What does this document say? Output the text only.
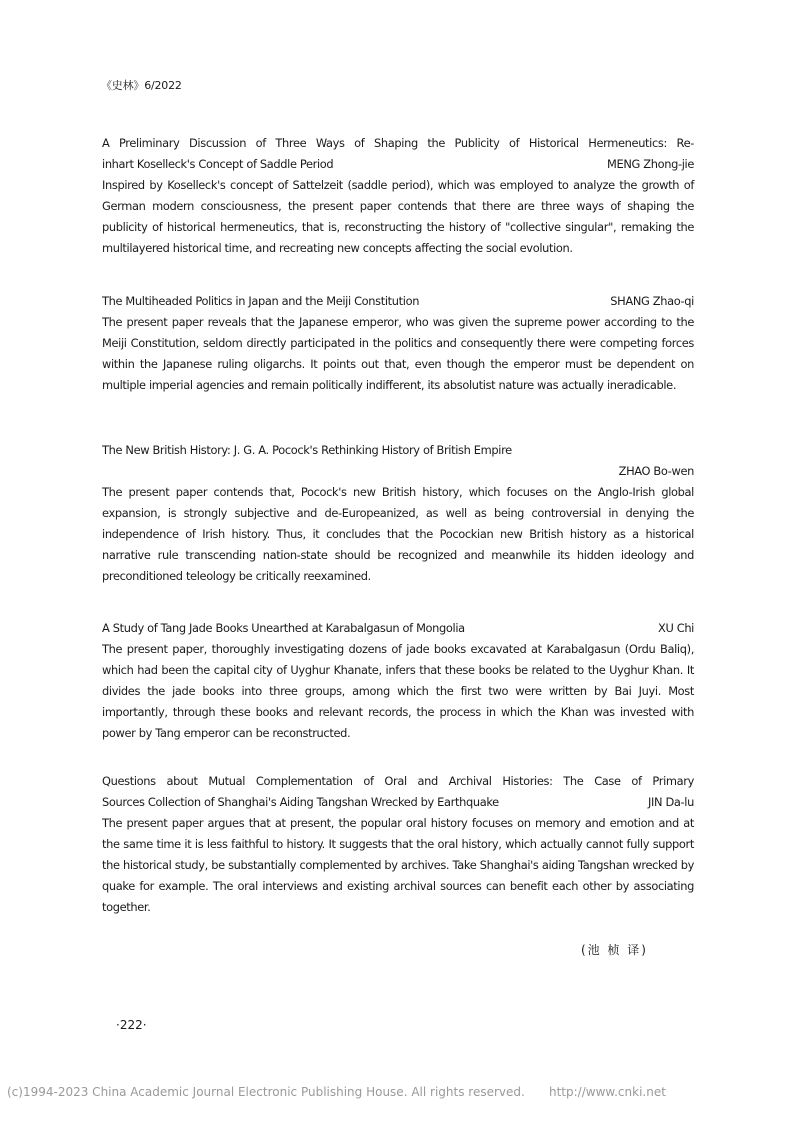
《史林》6/2022
A Preliminary Discussion of Three Ways of Shaping the Publicity of Historical Hermeneutics: Re-
inhart Koselleck's Concept of Saddle Period	MENG Zhong-jie

Inspired by Koselleck's concept of Sattelzeit (saddle period), which was employed to analyze the growth of German modern consciousness, the present paper contends that there are three ways of shaping the publicity of historical hermeneutics, that is, reconstructing the history of "collective singular", remaking the multilayered historical time, and recreating new concepts affecting the social evolution.

The Multiheaded Politics in Japan and the Meiji Constitution	SHANG Zhao-qi

The present paper reveals that the Japanese emperor, who was given the supreme power according to the Meiji Constitution, seldom directly participated in the politics and consequently there were competing forces within the Japanese ruling oligarchs. It points out that, even though the emperor must be dependent on multiple imperial agencies and remain politically indifferent, its absolutist nature was actually ineradicable.

The New British History: J. G. A. Pocock's Rethinking History of British Empire
ZHAO Bo-wen

The present paper contends that, Pocock's new British history, which focuses on the Anglo-Irish global expansion, is strongly subjective and de-Europeanized, as well as being controversial in denying the independence of Irish history. Thus, it concludes that the Pocockian new British history as a historical narrative rule transcending nation-state should be recognized and meanwhile its hidden ideology and preconditioned teleology be critically reexamined.

A Study of Tang Jade Books Unearthed at Karabalgasun of Mongolia	XU Chi

The present paper, thoroughly investigating dozens of jade books excavated at Karabalgasun (Ordu Baliq), which had been the capital city of Uyghur Khanate, infers that these books be related to the Uyghur Khan. It divides the jade books into three groups, among which the first two were written by Bai Juyi. Most importantly, through these books and relevant records, the process in which the Khan was invested with power by Tang emperor can be reconstructed.

Questions about Mutual Complementation of Oral and Archival Histories: The Case of Primary
Sources Collection of Shanghai's Aiding Tangshan Wrecked by Earthquake	JIN Da-lu

The present paper argues that at present, the popular oral history focuses on memory and emotion and at the same time it is less faithful to history. It suggests that the oral history, which actually cannot fully support the historical study, be substantially complemented by archives. Take Shanghai's aiding Tangshan wrecked by quake for example. The oral interviews and existing archival sources can benefit each other by associating together.

(池 桢 译)
·222·
(c)1994-2023 China Academic Journal Electronic Publishing House. All rights reserved. http://www.cnki.net
